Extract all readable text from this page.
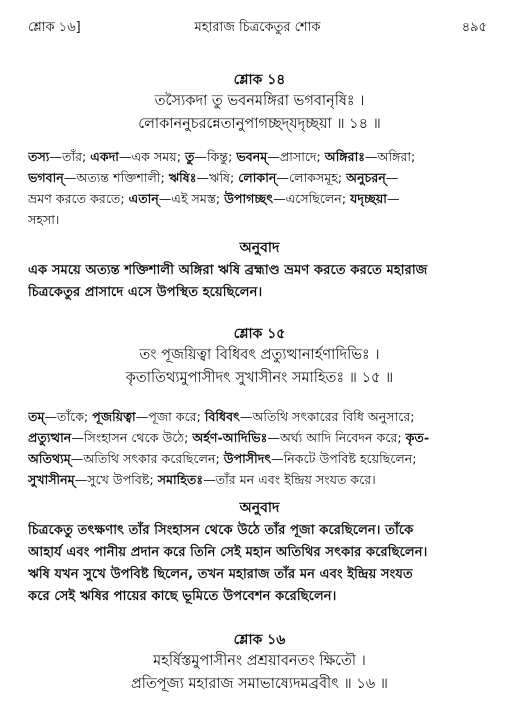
শ্লোক ১৬]	মহারাজ চিত্রকেতুর শোক	৪৯৫
শ্লোক ১৪
তস্যৈকদা তু ভবনমঙ্গিরা ভগবানৃষিঃ ।
লোকাননুচরন্নেতানুপাগচ্ছদ্‌যদৃচ্ছয়া ॥ ১৪ ॥
তস্য—তাঁর; একদা—এক সময়; তু—কিন্তু; ভবনম্—প্রাসাদে; অঙ্গিরাঃ—অঙ্গিরা;
ভগবান্—অত্যন্ত শক্তিশালী; ঋষিঃ—ঋষি; লোকান্—লোকসমূহ; অনুচরন্—
ভ্রমণ করতে করতে; এতান্—এই সমস্ত; উপাগচ্ছৎ—এসেছিলেন; যদৃচ্ছয়া—
সহসা।
অনুবাদ
এক সময়ে অত্যন্ত শক্তিশালী অঙ্গিরা ঋষি ব্রহ্মাণ্ড ভ্রমণ করতে করতে মহারাজ
চিত্রকেতুর প্রাসাদে এসে উপস্থিত হয়েছিলেন।
শ্লোক ১৫
তং পূজয়িত্বা বিধিবৎ প্রত্যুত্থানার্হণাদিভিঃ ।
কৃতাতিথ্যমুপাসীদৎ সুখাসীনং সমাহিতঃ ॥ ১৫ ॥
তম্—তাঁকে; পূজয়িত্বা—পূজা করে; বিধিবৎ—অতিথি সৎকারের বিধি অনুসারে;
প্রত্যুত্থান—সিংহাসন থেকে উঠে; অর্হণ-আদিভিঃ—অর্ঘ্য আদি নিবেদন করে; কৃত-
অতিথ্যম্—অতিথি সৎকার করেছিলেন; উপাসীদৎ—নিকটে উপবিষ্ট হয়েছিলেন;
সুখাসীনম্—সুখে উপবিষ্ট; সমাহিতঃ—তাঁর মন এবং ইন্দ্রিয় সংযত করে।
অনুবাদ
চিত্রকেতু তৎক্ষণাৎ তাঁর সিংহাসন থেকে উঠে তাঁর পূজা করেছিলেন। তাঁকে
আহার্য এবং পানীয় প্রদান করে তিনি সেই মহান অতিথির সৎকার করেছিলেন।
ঋষি যখন সুখে উপবিষ্ট ছিলেন, তখন মহারাজ তাঁর মন এবং ইন্দ্রিয় সংযত
করে সেই ঋষির পায়ের কাছে ভূমিতে উপবেশন করেছিলেন।
শ্লোক ১৬
মহর্ষিস্তমুপাসীনং প্রশ্রয়াবনতং ক্ষিতৌ ।
প্রতিপূজ্য মহারাজ সমাভাষ্যেদমব্রবীৎ ॥ ১৬ ॥
